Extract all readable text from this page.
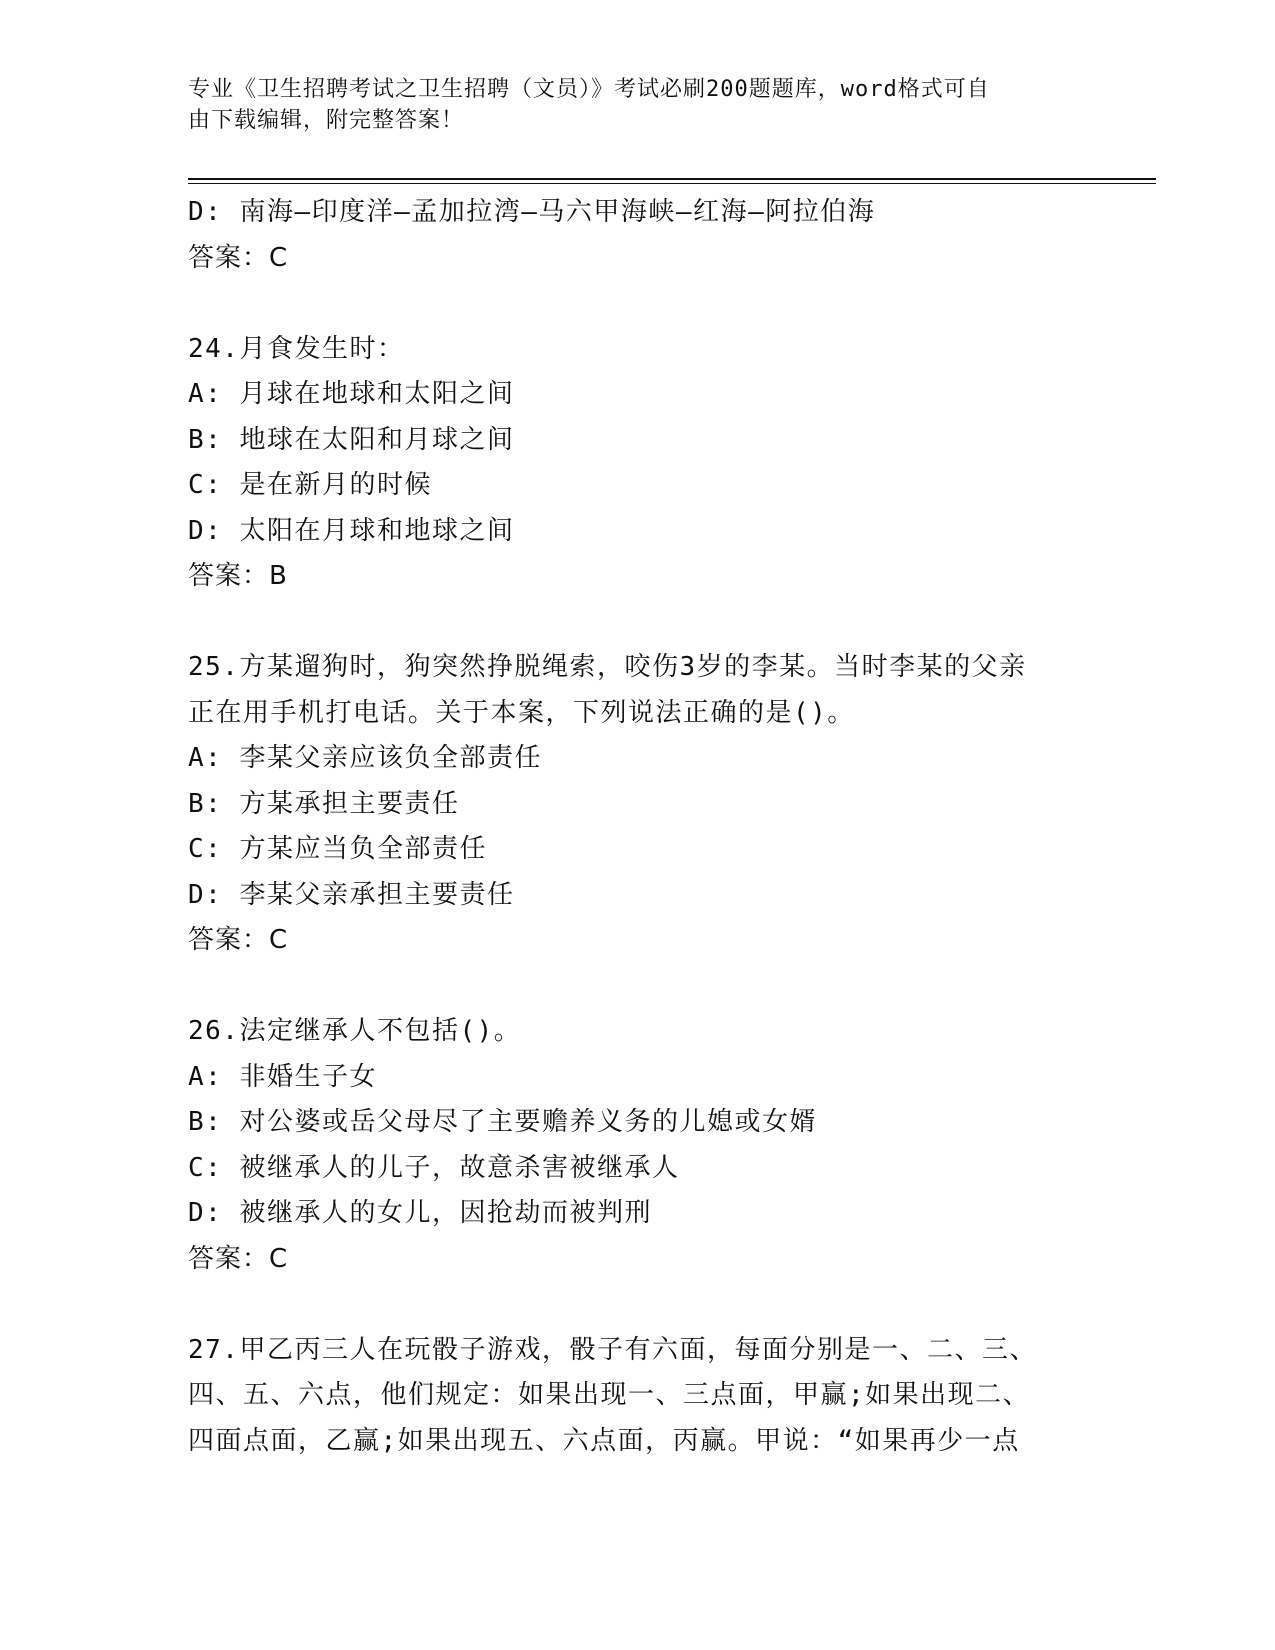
专业《卫生招聘考试之卫生招聘（文员）》考试必刷200题题库，word格式可自
由下载编辑，附完整答案！
D: 南海—印度洋—孟加拉湾—马六甲海峡—红海—阿拉伯海
答案：C
24.月食发生时：
A: 月球在地球和太阳之间
B: 地球在太阳和月球之间
C: 是在新月的时候
D: 太阳在月球和地球之间
答案：B
25.方某遛狗时，狗突然挣脱绳索，咬伤3岁的李某。当时李某的父亲
正在用手机打电话。关于本案，下列说法正确的是()。
A: 李某父亲应该负全部责任
B: 方某承担主要责任
C: 方某应当负全部责任
D: 李某父亲承担主要责任
答案：C
26.法定继承人不包括()。
A: 非婚生子女
B: 对公婆或岳父母尽了主要赡养义务的儿媳或女婿
C: 被继承人的儿子，故意杀害被继承人
D: 被继承人的女儿，因抢劫而被判刑
答案：C
27.甲乙丙三人在玩骰子游戏，骰子有六面，每面分别是一、二、三、
四、五、六点，他们规定：如果出现一、三点面，甲赢;如果出现二、
四面点面，乙赢;如果出现五、六点面，丙赢。甲说：“如果再少一点
